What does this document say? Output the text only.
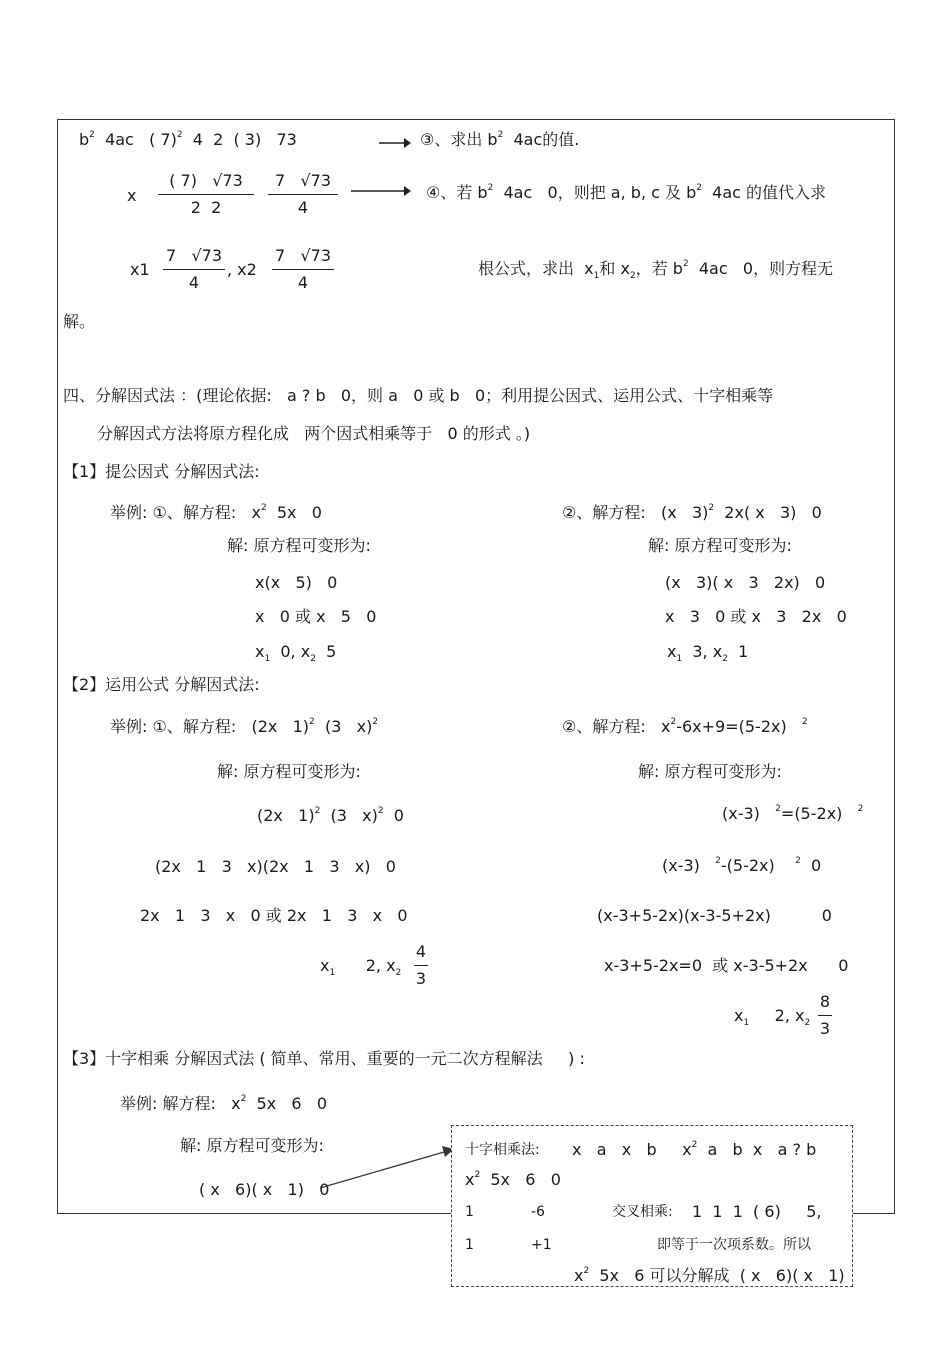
$b^2$ 4ac   ( 7)$^2$  4  2  ( 3)   73	③、求出 $b^2$  4ac的值.
x
( 7)   √73
2  2
7   √73
4
④、若 $b^2$  4ac   0，则把 a, b, c 及 $b^2$  4ac 的值代入求
x1
7   √73
4
, x2
7   √73
4
根公式，求出  $x_1$和 $x_2$，若 $b^2$  4ac   0，则方程无
解。
四、分解因式法 ：(理论依据:   a ? b   0，则 a   0 或 b   0；利用提公因式、运用公式、十字相乘等
分解因式方法将原方程化成   两个因式相乘等于   0 的形式 。)
【1】提公因式 分解因式法:
举例: ①、解方程:   $x^2$  5x   0	②、解方程:   (x   3)$^2$  2x( x   3)   0
解: 原方程可变形为:	解: 原方程可变形为:
x(x   5)   0
x   0 或 x   5   0
$x_1$  0, $x_2$  5
(x   3)( x   3   2x)   0
x   3   0 或 x   3   2x   0
$x_1$  3, $x_2$  1
【2】运用公式 分解因式法:
举例: ①、解方程:   (2x   1)$^2$  (3   x)$^2$	②、解方程:   $x^2-6x+9=(5-2x)$ $^2$
解: 原方程可变形为:	解: 原方程可变形为:
(2x   1)$^2$  (3   x)$^2$  0
(2x   1   3   x)(2x   1   3   x)   0
2x   1   3   x   0 或 2x   1   3   x   0
$x_1$      2, $x_2$
4
3
(x-3) $^2$=(5-2x) $^2$
(x-3) $^2$-(5-2x) $^2$  0
(x-3+5-2x)(x-3-5+2x)          0
x-3+5-2x=0  或 x-3-5+2x      0
$x_1$     2, $x_2$
8
3
【3】十字相乘 分解因式法 ( 简单、常用、重要的一元二次方程解法     ) :
举例: 解方程:   $x^2$  5x   6   0
解: 原方程可变形为:
( x   6)( x   1)   0
十字相乘法: x   a   x   b     $x^2$  a   b  x   a ? b
$x^2$  5x   6   0
1	-6	交叉相乘: 1  1  1  ( 6)     5,
1	+1	即等于一次项系数。所以
$x^2$  5x   6 可以分解成  ( x   6)( x   1)
